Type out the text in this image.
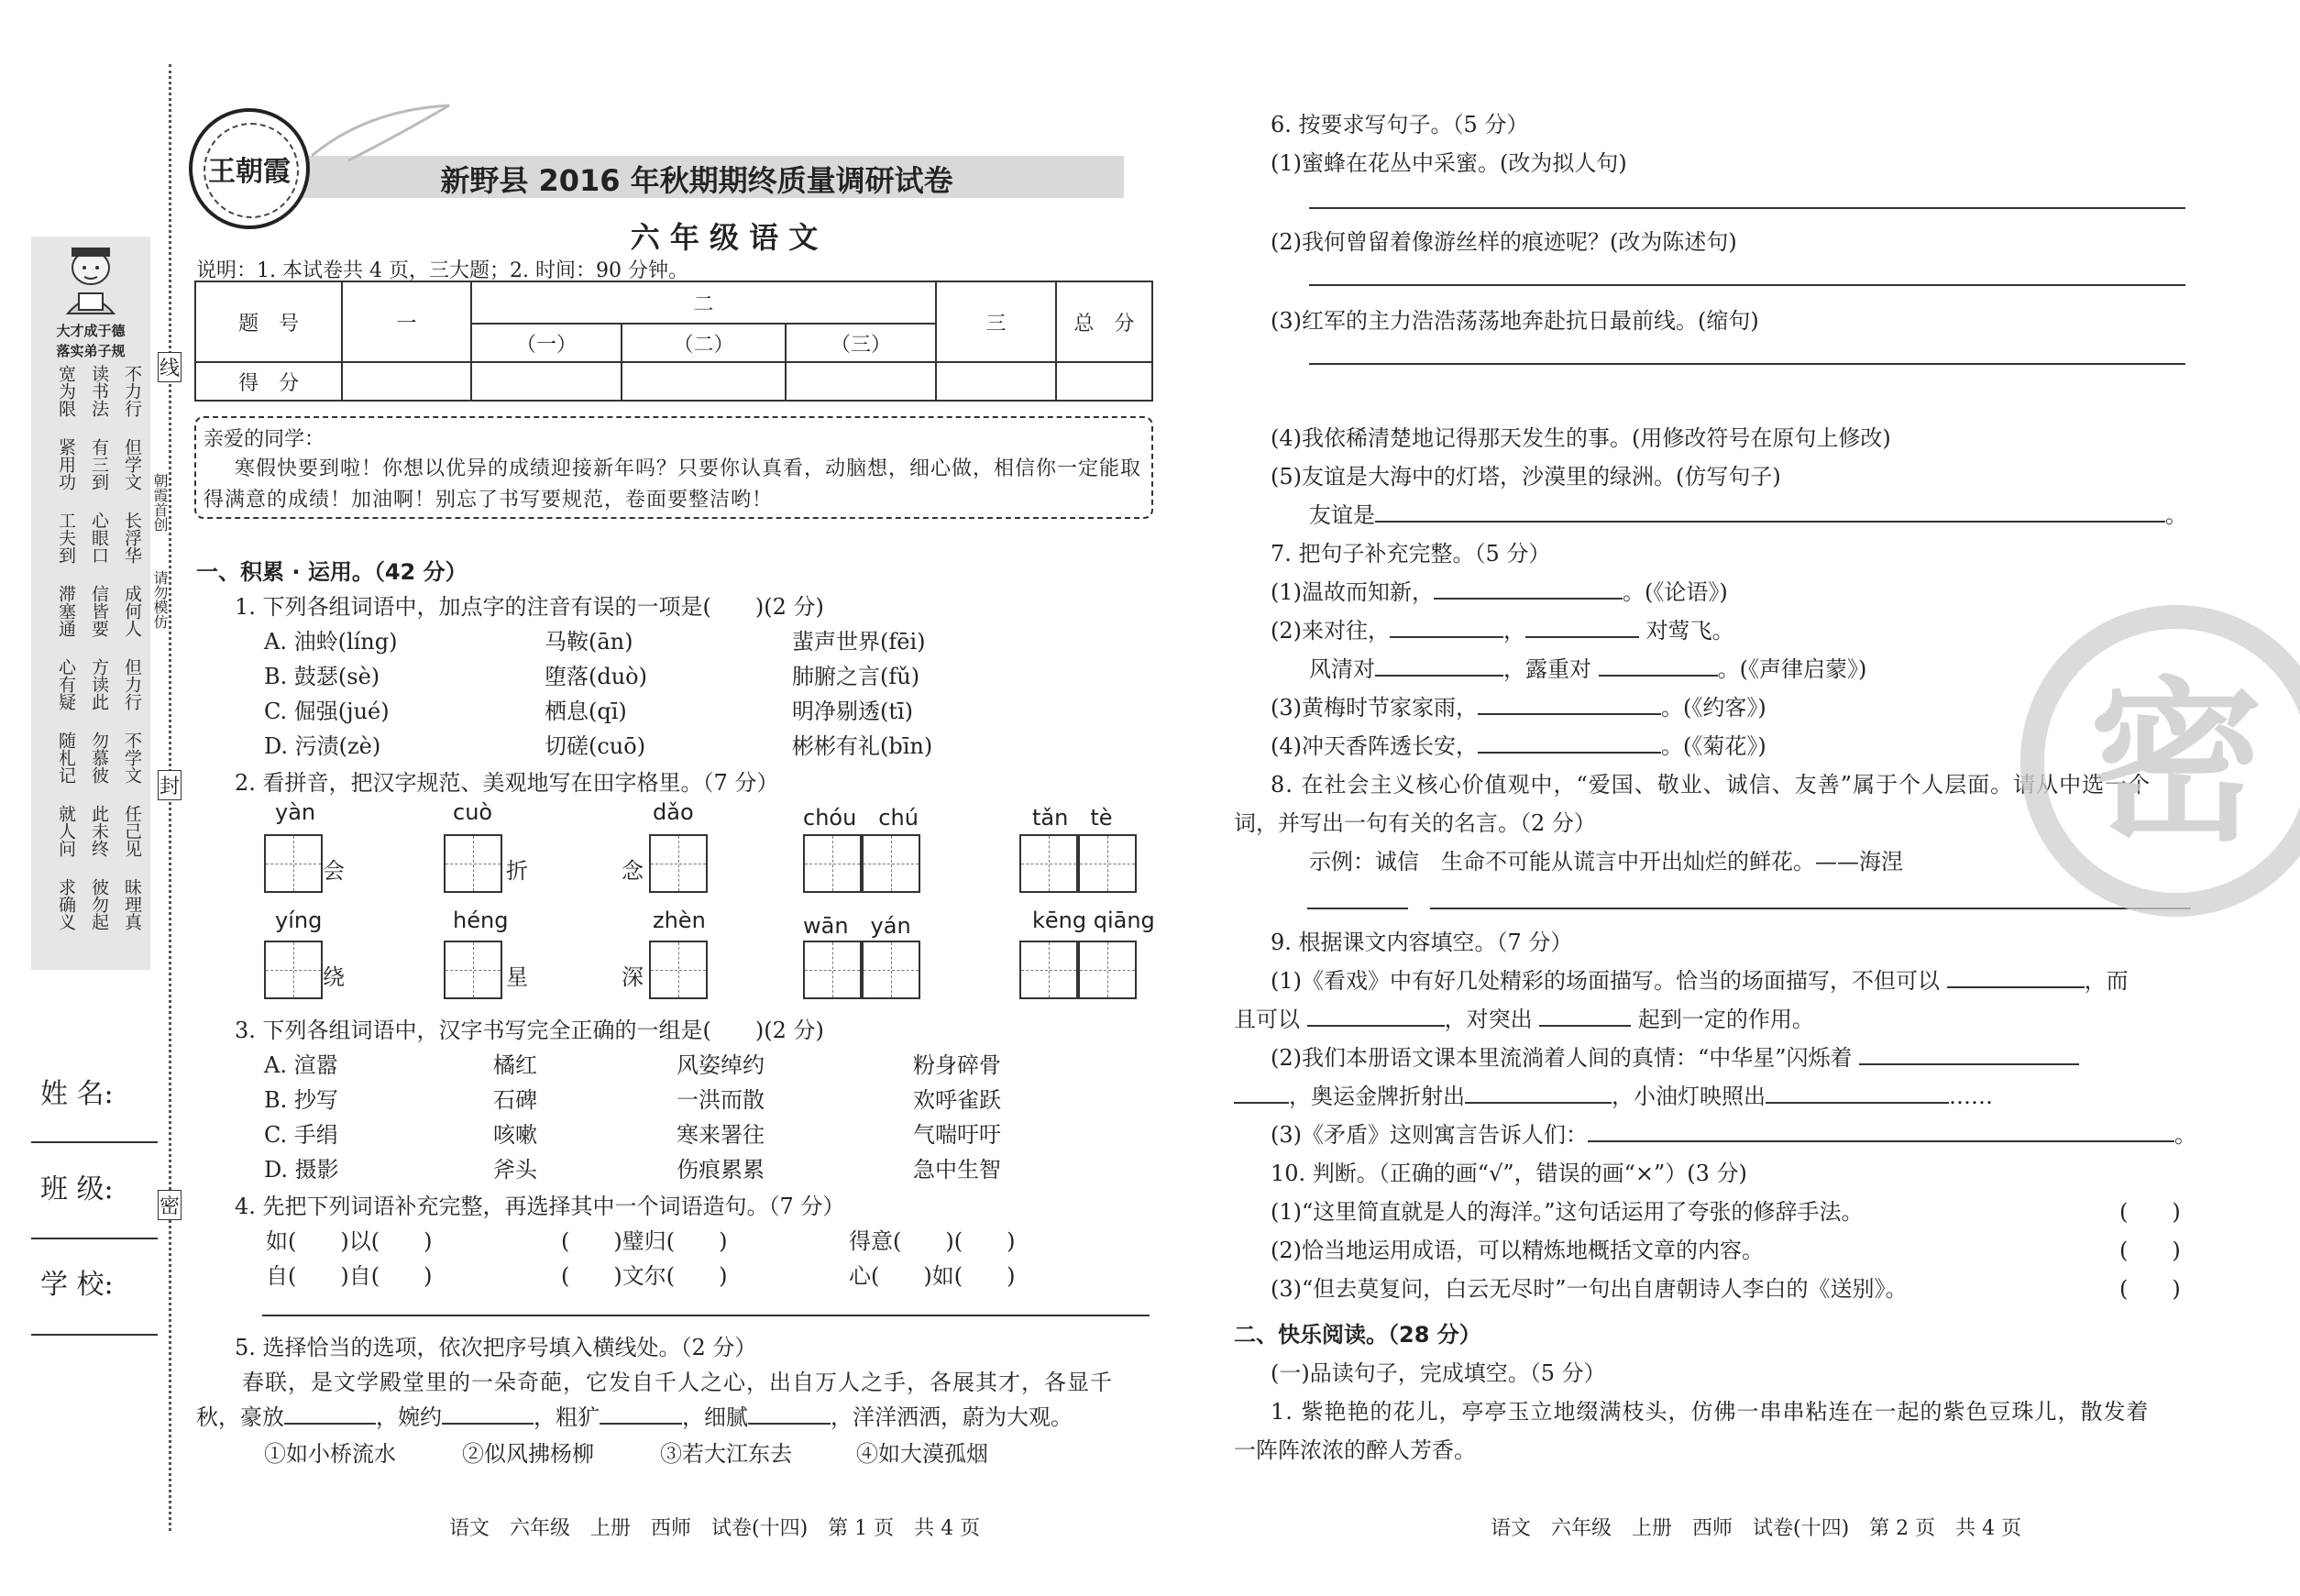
大才成于德
落实弟子规
宽为限 读书法 不力行
紧用功 有三到 但学文
工夫到 心眼口 长浮华
滞塞通 信皆要 成何人
心有疑 方读此 但力行
随札记 勿慕彼 不学文
就人问 此未终 任己见
求确义 彼勿起 昧理真
姓 名:
班 级:
学 校:
线
封
密
朝霞首创
请勿模仿
王朝霞	新野县 2016 年秋期期终质量调研试卷
六 年 级 语 文
说明：1. 本试卷共 4 页，三大题；2. 时间：90 分钟。
题　号	一	二			三	总　分
		（一）	（二）	（三）		
得　分						
亲爱的同学：
寒假快要到啦！你想以优异的成绩迎接新年吗？只要你认真看，动脑想，细心做，相信你一定能取
得满意的成绩！加油啊！别忘了书写要规范，卷面要整洁哟！
一、积累 · 运用。（42 分）
1. 下列各组词语中，加点字的注音有误的一项是(　　)(2 分)
A. 油蛉(líng)	马鞍(ān)	蜚声世界(fēi)
B. 鼓瑟(sè)	堕落(duò)	肺腑之言(fǔ)
C. 倔强(jué)	栖息(qī)	明净剔透(tī)
D. 污渍(zè)	切磋(cuō)	彬彬有礼(bīn)
2. 看拼音，把汉字规范、美观地写在田字格里。（7 分）
yàn
会
cuò
折
dǎo
念
chóu　chú	tǎn　tè
yíng
绕
héng
星
zhèn
深
wān　yán	kēng qiāng
3. 下列各组词语中，汉字书写完全正确的一组是(　　)(2 分)
A. 渲嚣	橘红	风姿绰约	粉身碎骨
B. 抄写	石碑	一洪而散	欢呼雀跃
C. 手绢	咳嗽	寒来署往	气喘吁吁
D. 摄影	斧头	伤痕累累	急中生智
4. 先把下列词语补充完整，再选择其中一个词语造句。（7 分）
如(　　)以(　　)	(　　)璧归(　　)	得意(　　)(　　)
自(　　)自(　　)	(　　)文尔(　　)	心(　　)如(　　)
5. 选择恰当的选项，依次把序号填入横线处。（2 分）
春联，是文学殿堂里的一朵奇葩，它发自千人之心，出自万人之手，各展其才，各显千
秋，豪放	，婉约	，粗犷	，细腻	，洋洋洒洒，蔚为大观。
①如小桥流水	②似风拂杨柳	③若大江东去	④如大漠孤烟
语文　六年级　上册　西师　试卷(十四)　第 1 页　共 4 页
6. 按要求写句子。（5 分）
(1)蜜蜂在花丛中采蜜。(改为拟人句)
(2)我何曾留着像游丝样的痕迹呢？(改为陈述句)
(3)红军的主力浩浩荡荡地奔赴抗日最前线。(缩句)
(4)我依稀清楚地记得那天发生的事。(用修改符号在原句上修改)
(5)友谊是大海中的灯塔，沙漠里的绿洲。(仿写句子)
友谊是	。
7. 把句子补充完整。（5 分）
(1)温故而知新，	。(《论语》)
(2)来对往，	，	对莺飞。
风清对	，露重对	。(《声律启蒙》)
(3)黄梅时节家家雨，	。(《约客》)
(4)冲天香阵透长安，	。(《菊花》)
8. 在社会主义核心价值观中，“爱国、敬业、诚信、友善”属于个人层面。请从中选一个
词，并写出一句有关的名言。（2 分）
示例：诚信　生命不可能从谎言中开出灿烂的鲜花。——海涅
9. 根据课文内容填空。（7 分）
(1)《看戏》中有好几处精彩的场面描写。恰当的场面描写，不但可以	，而
且可以	，对突出	起到一定的作用。
(2)我们本册语文课本里流淌着人间的真情：“中华星”闪烁着
，奥运金牌折射出	，小油灯映照出	……
(3)《矛盾》这则寓言告诉人们：	。
10. 判断。（正确的画“√”，错误的画“×”）(3 分)
(1)“这里简直就是人的海洋。”这句话运用了夸张的修辞手法。	(　　)
(2)恰当地运用成语，可以精炼地概括文章的内容。	(　　)
(3)“但去莫复问，白云无尽时”一句出自唐朝诗人李白的《送别》。	(　　)
二、快乐阅读。（28 分）
(一)品读句子，完成填空。（5 分）
1. 紫艳艳的花儿，亭亭玉立地缀满枝头，仿佛一串串粘连在一起的紫色豆珠儿，散发着
一阵阵浓浓的醉人芳香。
密
语文　六年级　上册　西师　试卷(十四)　第 2 页　共 4 页
